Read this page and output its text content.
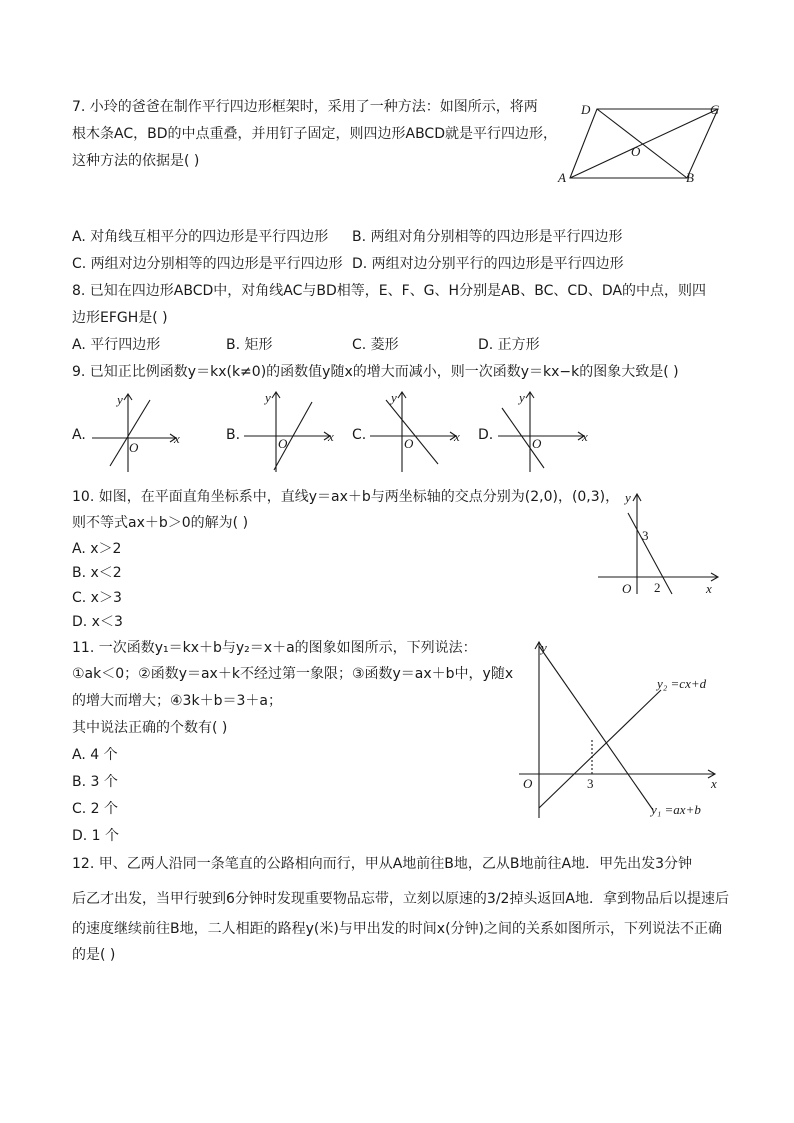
7. 小玲的爸爸在制作平行四边形框架时，采用了一种方法：如图所示，将两
根木条AC，BD的中点重叠，并用钉子固定，则四边形ABCD就是平行四边形，
这种方法的依据是( )
A	B
C
D
O
A. 对角线互相平分的四边形是平行四边形 B. 两组对角分别相等的四边形是平行四边形
C. 两组对边分别相等的四边形是平行四边形 D. 两组对边分别平行的四边形是平行四边形
8. 已知在四边形ABCD中，对角线AC与BD相等，E、F、G、H分别是AB、BC、CD、DA的中点，则四
边形EFGH是( )
A. 平行四边形	B. 矩形	C. 菱形	D. 正方形
9. 已知正比例函数y＝kx(k≠0)的函数值y随x的增大而减小，则一次函数y＝kx−k的图象大致是( )
A.
y
x
O
B.
y
x
O
C.
y
x
O
D.
y
x
O
10. 如图，在平面直角坐标系中，直线y＝ax＋b与两坐标轴的交点分别为(2,0)，(0,3)，
则不等式ax＋b＞0的解为( )
A. x＞2
B. x＜2
C. x＞3
D. x＜3
y
x
O
3
2
11. 一次函数y₁＝kx＋b与y₂＝x＋a的图象如图所示，下列说法：
①ak＜0；②函数y＝ax＋k不经过第一象限；③函数y＝ax＋b中，y随x
的增大而增大；④3k＋b＝3＋a；
其中说法正确的个数有( )
A. 4 个
B. 3 个
C. 2 个
D. 1 个
y
x
O	3
y₂ =cx+d
y₁ =ax+b
12. 甲、乙两人沿同一条笔直的公路相向而行，甲从A地前往B地，乙从B地前往A地．甲先出发3分钟
后乙才出发，当甲行驶到6分钟时发现重要物品忘带，立刻以原速的3/2掉头返回A地．拿到物品后以提速后
的速度继续前往B地，二人相距的路程y(米)与甲出发的时间x(分钟)之间的关系如图所示，下列说法不正确
的是( )
